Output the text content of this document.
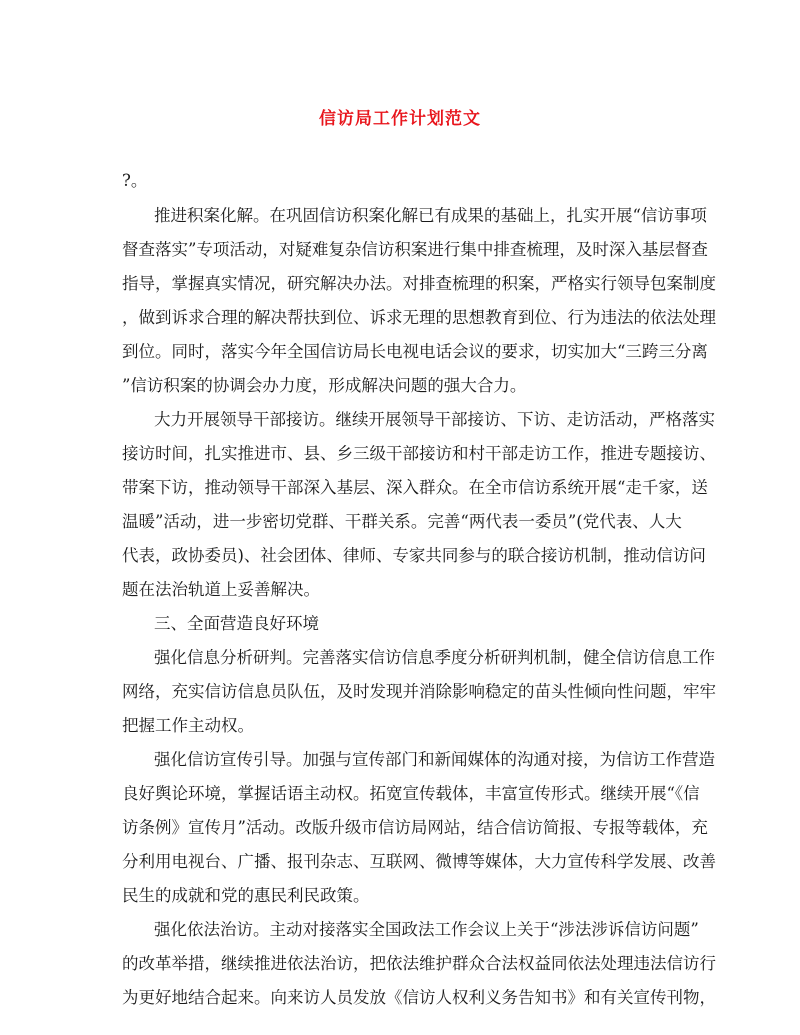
信访局工作计划范文
?。
推进积案化解。在巩固信访积案化解已有成果的基础上，扎实开展“信访事项
督查落实”专项活动，对疑难复杂信访积案进行集中排查梳理，及时深入基层督查
指导，掌握真实情况，研究解决办法。对排查梳理的积案，严格实行领导包案制度
，做到诉求合理的解决帮扶到位、诉求无理的思想教育到位、行为违法的依法处理
到位。同时，落实今年全国信访局长电视电话会议的要求，切实加大“三跨三分离
”信访积案的协调会办力度，形成解决问题的强大合力。
大力开展领导干部接访。继续开展领导干部接访、下访、走访活动，严格落实
接访时间，扎实推进市、县、乡三级干部接访和村干部走访工作，推进专题接访、
带案下访，推动领导干部深入基层、深入群众。在全市信访系统开展“走千家，送
温暖”活动，进一步密切党群、干群关系。完善“两代表一委员”(党代表、人大
代表，政协委员)、社会团体、律师、专家共同参与的联合接访机制，推动信访问
题在法治轨道上妥善解决。
三、全面营造良好环境
强化信息分析研判。完善落实信访信息季度分析研判机制，健全信访信息工作
网络，充实信访信息员队伍，及时发现并消除影响稳定的苗头性倾向性问题，牢牢
把握工作主动权。
强化信访宣传引导。加强与宣传部门和新闻媒体的沟通对接，为信访工作营造
良好舆论环境，掌握话语主动权。拓宽宣传载体，丰富宣传形式。继续开展“《信
访条例》宣传月”活动。改版升级市信访局网站，结合信访简报、专报等载体，充
分利用电视台、广播、报刊杂志、互联网、微博等媒体，大力宣传科学发展、改善
民生的成就和党的惠民利民政策。
强化依法治访。主动对接落实全国政法工作会议上关于“涉法涉诉信访问题”
的改革举措，继续推进依法治访，把依法维护群众合法权益同依法处理违法信访行
为更好地结合起来。向来访人员发放《信访人权利义务告知书》和有关宣传刊物，
